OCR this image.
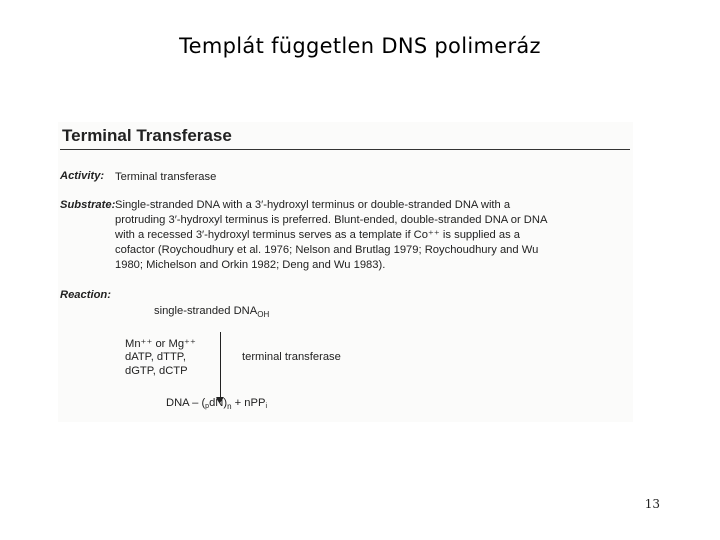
Templát független DNS polimeráz
Terminal Transferase
Activity: Terminal transferase
Substrate: Single-stranded DNA with a 3′-hydroxyl terminus or double-stranded DNA with a
protruding 3′-hydroxyl terminus is preferred. Blunt-ended, double-stranded DNA or DNA
with a recessed 3′-hydroxyl terminus serves as a template if Co⁺⁺ is supplied as a
cofactor (Roychoudhury et al. 1976; Nelson and Brutlag 1979; Roychoudhury and Wu
1980; Michelson and Orkin 1982; Deng and Wu 1983).
Reaction:
single-stranded $DNA_{OH}$
Mn⁺⁺ or Mg⁺⁺
dATP, dTTP,
dGTP, dCTP
terminal transferase
DNA – $(pdN)_n$ + nPPi
13
